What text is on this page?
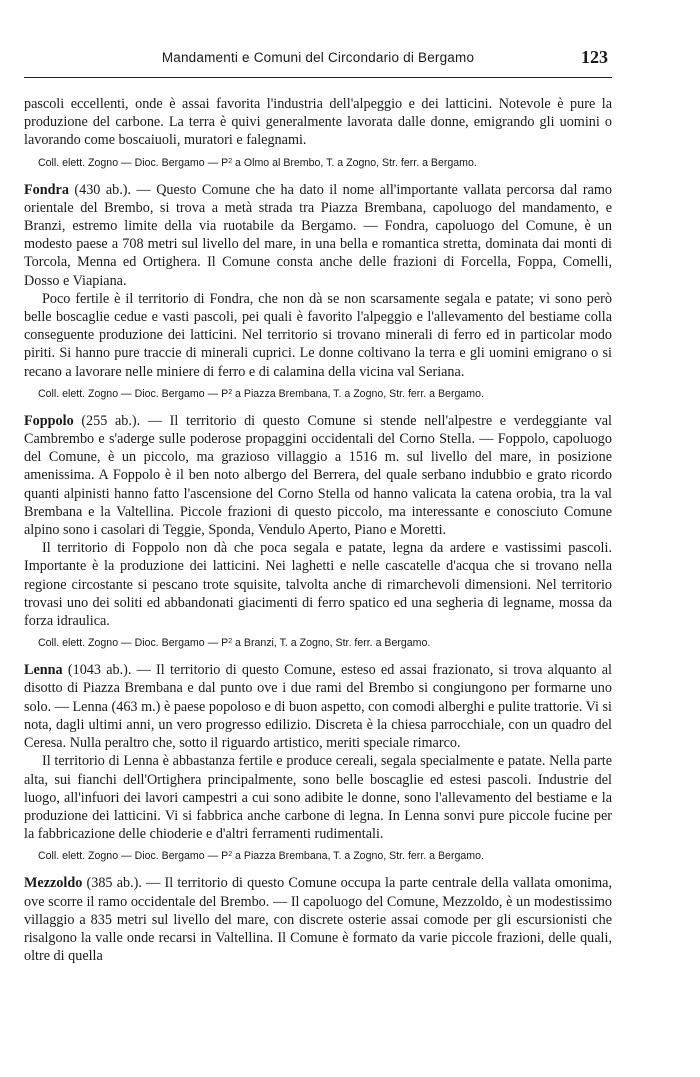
Mandamenti e Comuni del Circondario di Bergamo	123

pascoli eccellenti, onde è assai favorita l'industria dell'alpeggio e dei latticini. Notevole è pure la produzione del carbone. La terra è quivi generalmente lavorata dalle donne, emigrando gli uomini o lavorando come boscaiuoli, muratori e falegnami.

Coll. elett. Zogno — Dioc. Bergamo — $P^2$ a Olmo al Brembo, T. a Zogno, Str. ferr. a Bergamo.

Fondra (430 ab.). — Questo Comune che ha dato il nome all'importante vallata percorsa dal ramo orientale del Brembo, si trova a metà strada tra Piazza Brembana, capoluogo del mandamento, e Branzi, estremo limite della via ruotabile da Bergamo. — Fondra, capoluogo del Comune, è un modesto paese a 708 metri sul livello del mare, in una bella e romantica stretta, dominata dai monti di Torcola, Menna ed Ortighera. Il Comune consta anche delle frazioni di Forcella, Foppa, Comelli, Dosso e Viapiana.

Poco fertile è il territorio di Fondra, che non dà se non scarsamente segala e patate; vi sono però belle boscaglie cedue e vasti pascoli, pei quali è favorito l'alpeggio e l'allevamento del bestiame colla conseguente produzione dei latticini. Nel territorio si trovano minerali di ferro ed in particolar modo piriti. Si hanno pure traccie di minerali cuprici. Le donne coltivano la terra e gli uomini emigrano o si recano a lavorare nelle miniere di ferro e di calamina della vicina val Seriana.

Coll. elett. Zogno — Dioc. Bergamo — $P^2$ a Piazza Brembana, T. a Zogno, Str. ferr. a Bergamo.

Foppolo (255 ab.). — Il territorio di questo Comune si stende nell'alpestre e verdeggiante val Cambrembo e s'aderge sulle poderose propaggini occidentali del Corno Stella. — Foppolo, capoluogo del Comune, è un piccolo, ma grazioso villaggio a 1516 m. sul livello del mare, in posizione amenissima. A Foppolo è il ben noto albergo del Berrera, del quale serbano indubbio e grato ricordo quanti alpinisti hanno fatto l'ascensione del Corno Stella od hanno valicata la catena orobia, tra la val Brembana e la Valtellina. Piccole frazioni di questo piccolo, ma interessante e conosciuto Comune alpino sono i casolari di Teggie, Sponda, Vendulo Aperto, Piano e Moretti.

Il territorio di Foppolo non dà che poca segala e patate, legna da ardere e vastissimi pascoli. Importante è la produzione dei latticini. Nei laghetti e nelle cascatelle d'acqua che si trovano nella regione circostante si pescano trote squisite, talvolta anche di rimarchevoli dimensioni. Nel territorio trovasi uno dei soliti ed abbandonati giacimenti di ferro spatico ed una segheria di legname, mossa da forza idraulica.

Coll. elett. Zogno — Dioc. Bergamo — $P^2$ a Branzi, T. a Zogno, Str. ferr. a Bergamo.

Lenna (1043 ab.). — Il territorio di questo Comune, esteso ed assai frazionato, si trova alquanto al disotto di Piazza Brembana e dal punto ove i due rami del Brembo si congiungono per formarne uno solo. — Lenna (463 m.) è paese popoloso e di buon aspetto, con comodi alberghi e pulite trattorie. Vi si nota, dagli ultimi anni, un vero progresso edilizio. Discreta è la chiesa parrocchiale, con un quadro del Ceresa. Nulla peraltro che, sotto il riguardo artistico, meriti speciale rimarco.

Il territorio di Lenna è abbastanza fertile e produce cereali, segala specialmente e patate. Nella parte alta, sui fianchi dell'Ortighera principalmente, sono belle boscaglie ed estesi pascoli. Industrie del luogo, all'infuori dei lavori campestri a cui sono adibite le donne, sono l'allevamento del bestiame e la produzione dei latticini. Vi si fabbrica anche carbone di legna. In Lenna sonvi pure piccole fucine per la fabbricazione delle chioderie e d'altri ferramenti rudimentali.

Coll. elett. Zogno — Dioc. Bergamo — $P^2$ a Piazza Brembana, T. a Zogno, Str. ferr. a Bergamo.

Mezzoldo (385 ab.). — Il territorio di questo Comune occupa la parte centrale della vallata omonima, ove scorre il ramo occidentale del Brembo. — Il capoluogo del Comune, Mezzoldo, è un modestissimo villaggio a 835 metri sul livello del mare, con discrete osterie assai comode per gli escursionisti che risalgono la valle onde recarsi in Valtellina. Il Comune è formato da varie piccole frazioni, delle quali, oltre di quella
